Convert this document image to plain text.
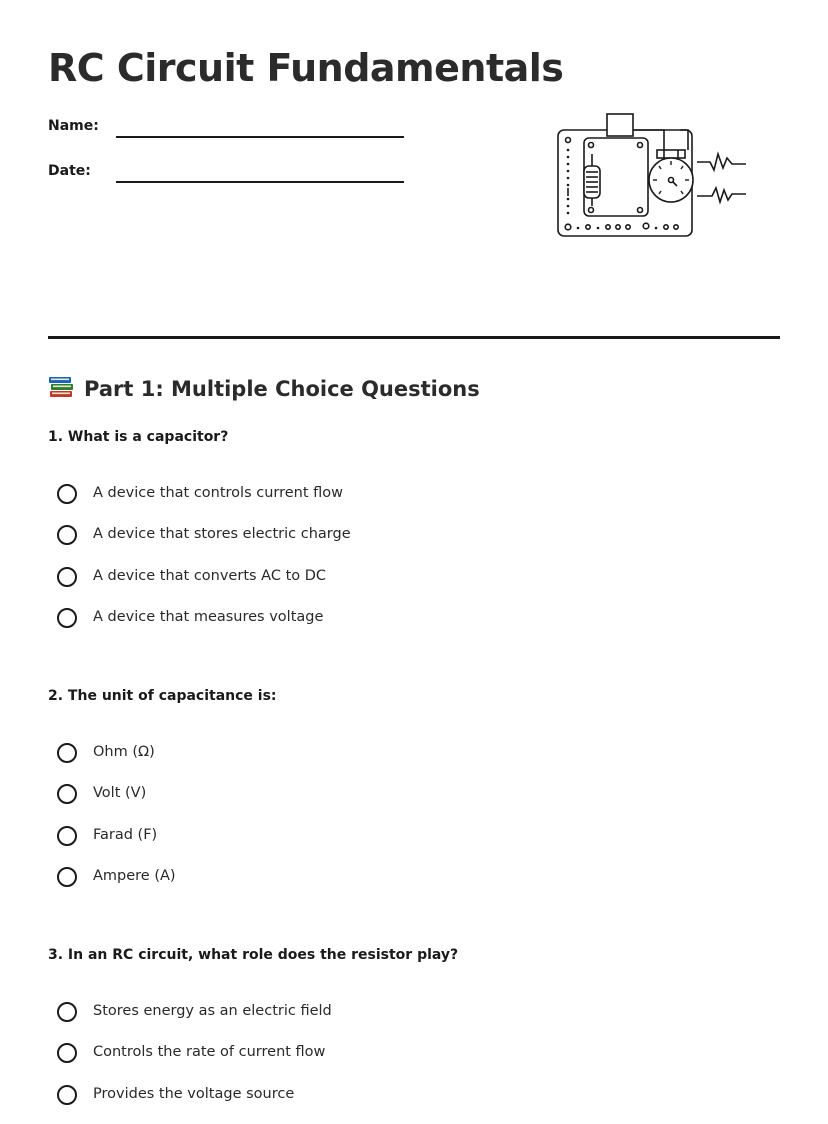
RC Circuit Fundamentals
Name:
Date:
Part 1: Multiple Choice Questions

1. What is a capacitor?

A device that controls current flow
A device that stores electric charge
A device that converts AC to DC
A device that measures voltage

2. The unit of capacitance is:

Ohm (Ω)
Volt (V)
Farad (F)
Ampere (A)

3. In an RC circuit, what role does the resistor play?

Stores energy as an electric field
Controls the rate of current flow
Provides the voltage source
